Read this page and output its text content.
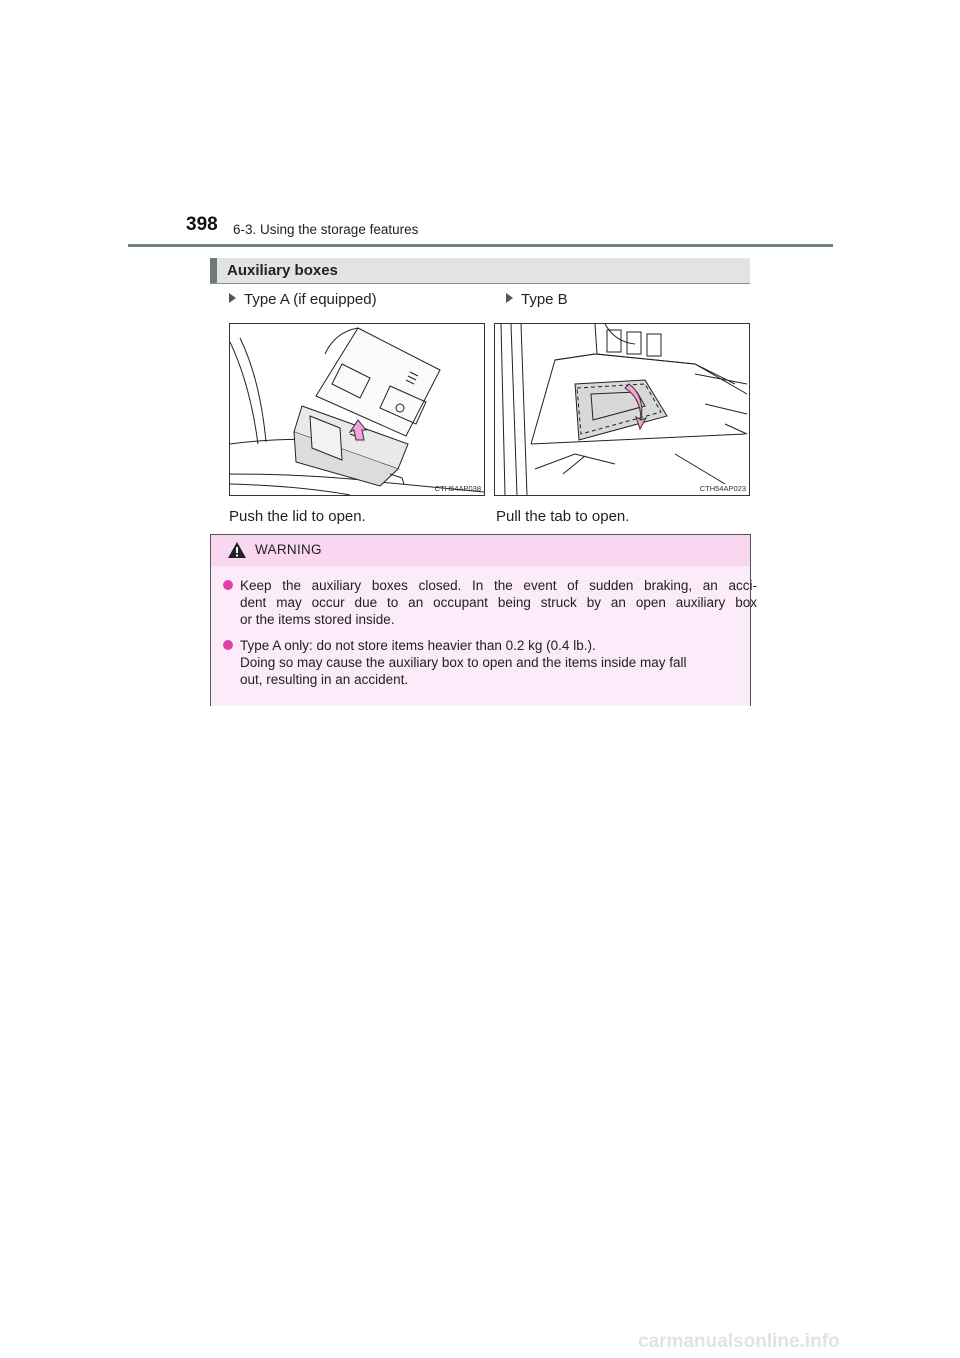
398 6-3. Using the storage features
Auxiliary boxes
Type A (if equipped)	Type B
CTH54AP038	CTH54AP023
Push the lid to open.	Pull the tab to open.
WARNING
Keep the auxiliary boxes closed. In the event of sudden braking, an acci-
dent may occur due to an occupant being struck by an open auxiliary box
or the items stored inside.
Type A only: do not store items heavier than 0.2 kg (0.4 lb.).
Doing so may cause the auxiliary box to open and the items inside may fall
out, resulting in an accident.
carmanualsonline.info
